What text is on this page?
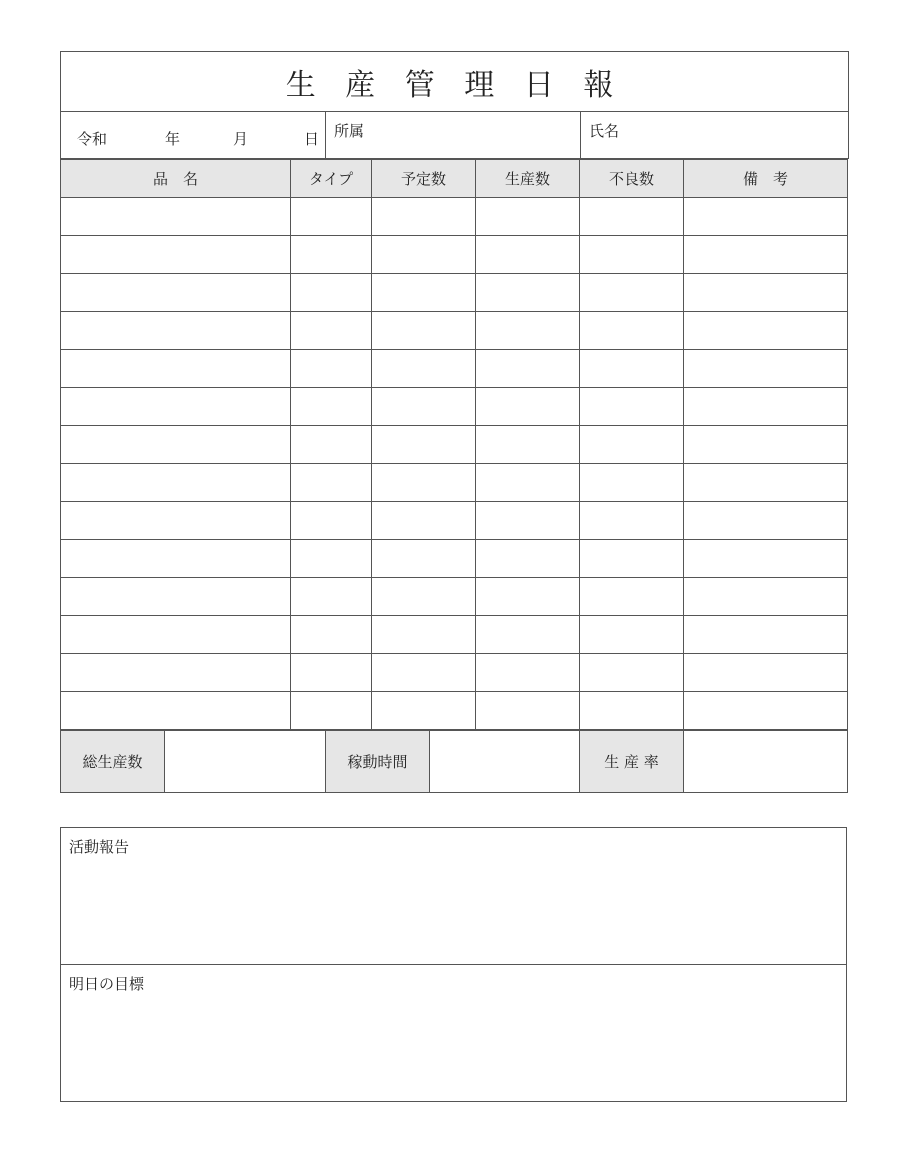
生 産 管 理 日 報

令和	年	月	日	所属	氏名
品　名	タイプ	予定数	生産数	不良数	備　考

総生産数		稼動時間		生 産 率	
活動報告

明日の目標
